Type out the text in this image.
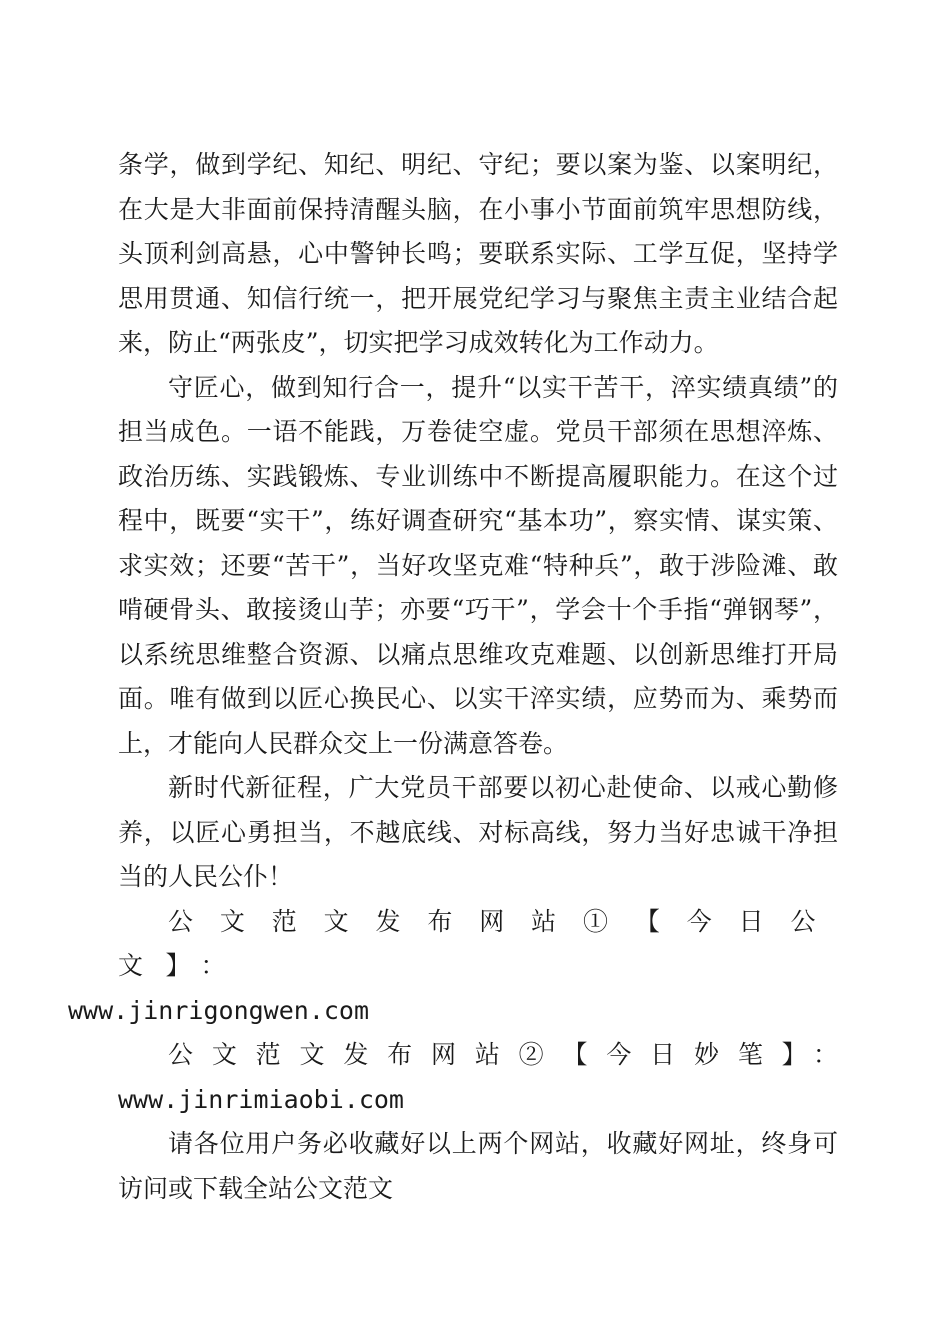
条学，做到学纪、知纪、明纪、守纪；要以案为鉴、以案明纪，在大是大非面前保持清醒头脑，在小事小节面前筑牢思想防线，头顶利剑高悬，心中警钟长鸣；要联系实际、工学互促，坚持学思用贯通、知信行统一，把开展党纪学习与聚焦主责主业结合起来，防止“两张皮”，切实把学习成效转化为工作动力。

守匠心，做到知行合一，提升“以实干苦干，淬实绩真绩”的担当成色。一语不能践，万卷徒空虚。党员干部须在思想淬炼、政治历练、实践锻炼、专业训练中不断提高履职能力。在这个过程中，既要“实干”，练好调查研究“基本功”，察实情、谋实策、求实效；还要“苦干”，当好攻坚克难“特种兵”，敢于涉险滩、敢啃硬骨头、敢接烫山芋；亦要“巧干”，学会十个手指“弹钢琴”，以系统思维整合资源、以痛点思维攻克难题、以创新思维打开局面。唯有做到以匠心换民心、以实干淬实绩，应势而为、乘势而上，才能向人民群众交上一份满意答卷。

新时代新征程，广大党员干部要以初心赴使命、以戒心勤修养，以匠心勇担当，不越底线、对标高线，努力当好忠诚干净担当的人民公仆！

公文范文发布网站①【今日公文】：
www.jinrigongwen.com

公文范文发布网站②【今日妙笔】：www.jinrimiaobi.com

请各位用户务必收藏好以上两个网站，收藏好网址，终身可访问或下载全站公文范文
